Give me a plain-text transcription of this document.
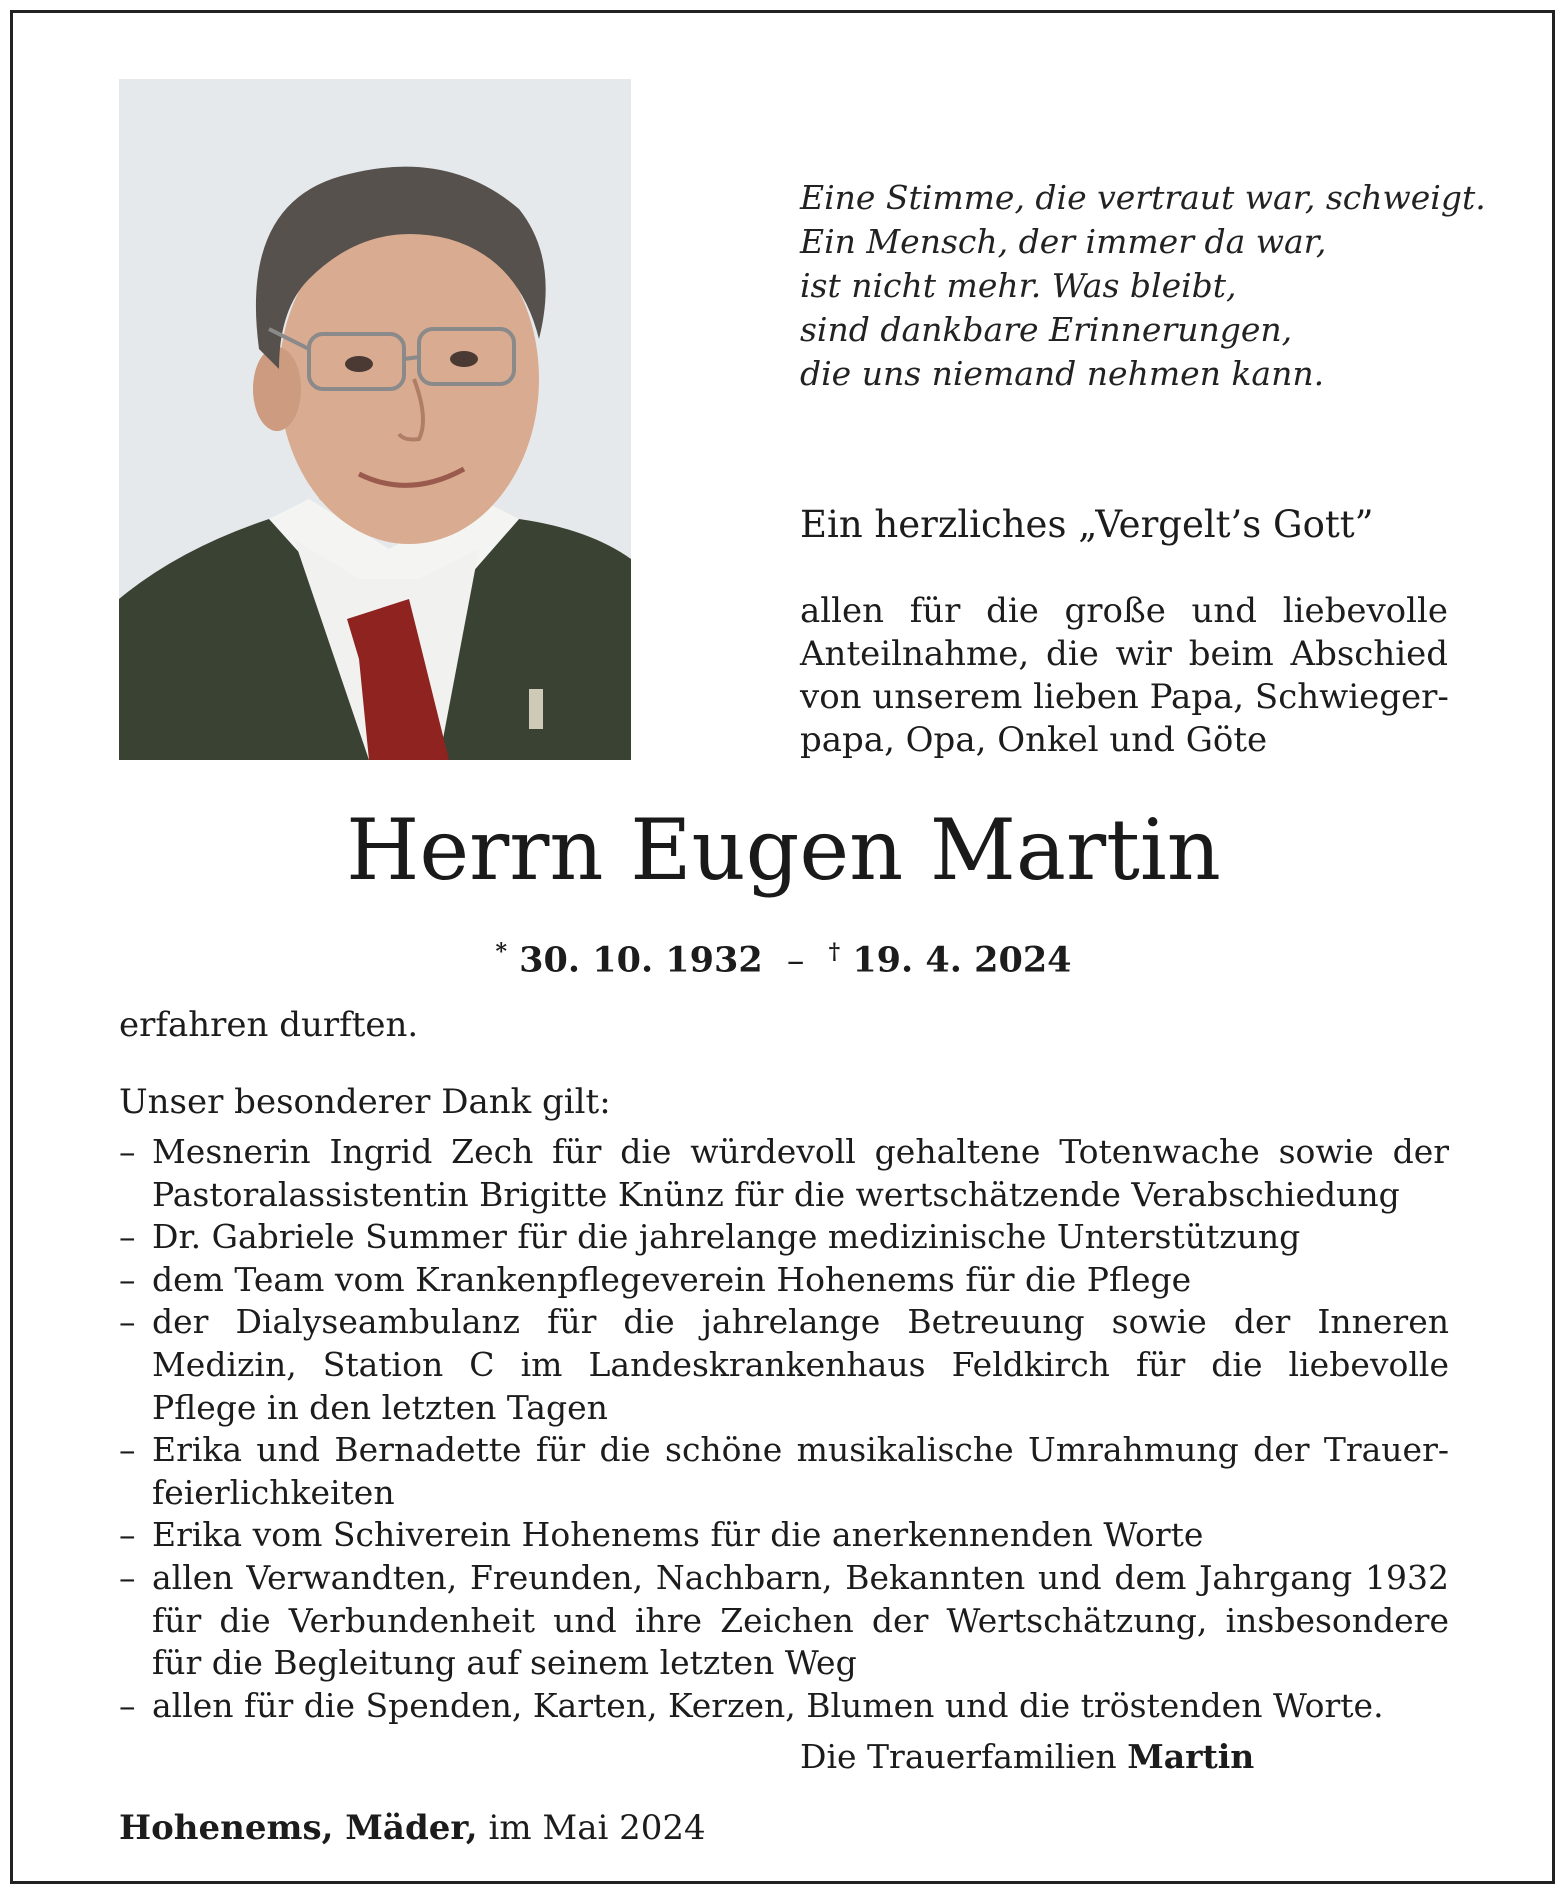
Eine Stimme, die vertraut war, schweigt.
Ein Mensch, der immer da war,
ist nicht mehr. Was bleibt,
sind dankbare Erinnerungen,
die uns niemand nehmen kann.
Ein herzliches „Vergelt’s Gott”
allen für die große und liebevolle
Anteilnahme, die wir beim Abschied
von unserem lieben Papa, Schwieger-
papa, Opa, Onkel und Göte
Herrn Eugen Martin
* 30. 10. 1932 – † 19. 4. 2024
erfahren durften.
Unser besonderer Dank gilt:
– Mesnerin Ingrid Zech für die würdevoll gehaltene Totenwache sowie der
Pastoralassistentin Brigitte Knünz für die wertschätzende Verabschiedung
– Dr. Gabriele Summer für die jahrelange medizinische Unterstützung
– dem Team vom Krankenpflegeverein Hohenems für die Pflege
– der Dialyseambulanz für die jahrelange Betreuung sowie der Inneren
Medizin, Station C im Landeskrankenhaus Feldkirch für die liebevolle
Pflege in den letzten Tagen
– Erika und Bernadette für die schöne musikalische Umrahmung der Trauer-
feierlichkeiten
– Erika vom Schiverein Hohenems für die anerkennenden Worte
– allen Verwandten, Freunden, Nachbarn, Bekannten und dem Jahrgang 1932
für die Verbundenheit und ihre Zeichen der Wertschätzung, insbesondere
für die Begleitung auf seinem letzten Weg
– allen für die Spenden, Karten, Kerzen, Blumen und die tröstenden Worte.
Die Trauerfamilien Martin
Hohenems, Mäder, im Mai 2024
